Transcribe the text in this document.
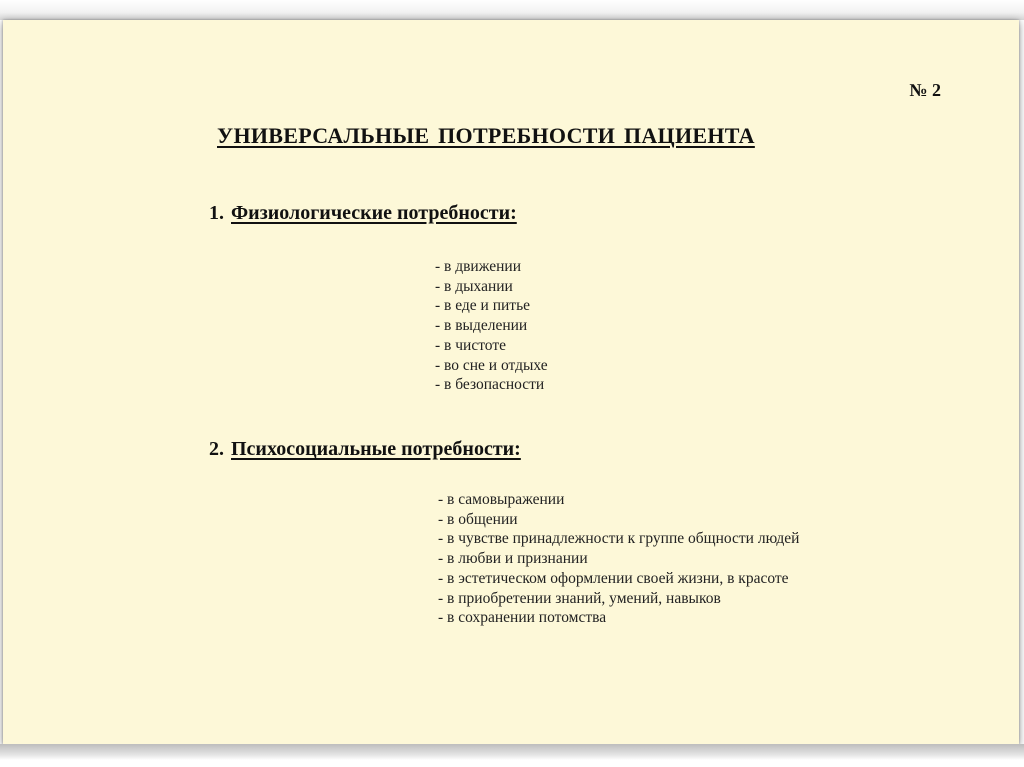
№ 2
УНИВЕРСАЛЬНЫЕ ПОТРЕБНОСТИ ПАЦИЕНТА
1. Физиологические потребности:
- в движении
- в дыхании
- в еде и питье
- в выделении
- в чистоте
- во сне и отдыхе
- в безопасности
2. Психосоциальные потребности:
- в самовыражении
- в общении
- в чувстве принадлежности к группе общности людей
- в любви и признании
- в эстетическом оформлении своей жизни, в красоте
- в приобретении знаний, умений, навыков
- в сохранении потомства
